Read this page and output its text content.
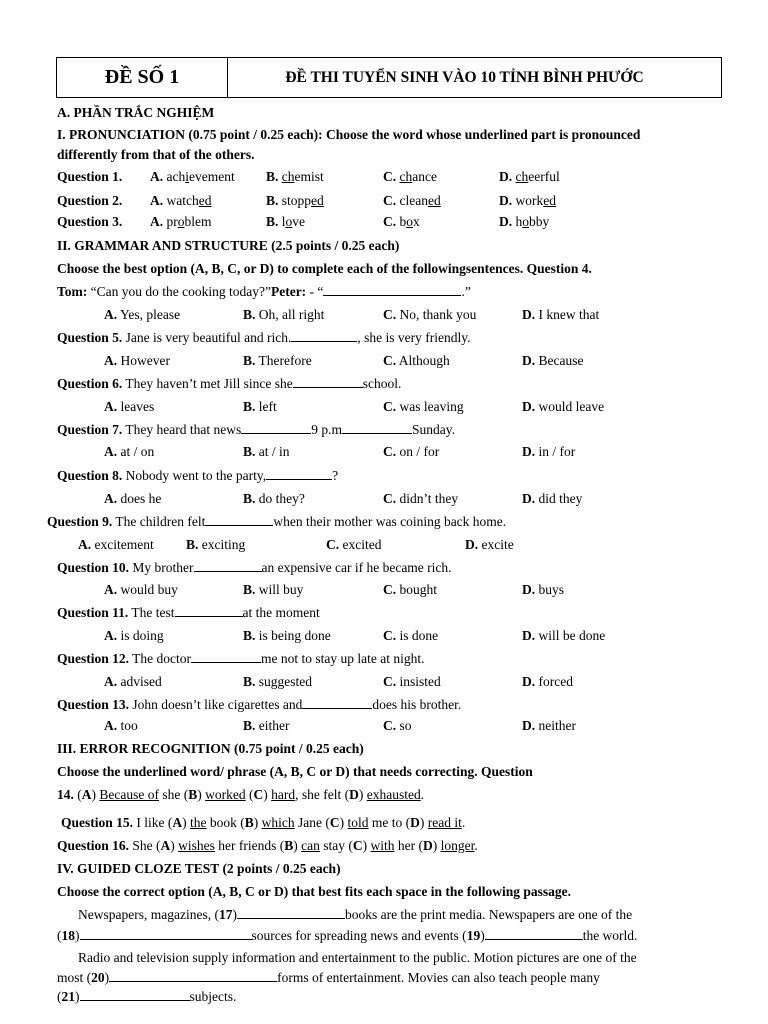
ĐỀ SỐ 1	ĐỀ THI TUYỂN SINH VÀO 10 TỈNH BÌNH PHƯỚC
A. PHẦN TRẮC NGHIỆM
I. PRONUNCIATION (0.75 point / 0.25 each): Choose the word whose underlined part is pronounced
differently from that of the others.
Question 1. A. achievement B. chemist	C. chance	D. cheerful
Question 2. A. watched	B. stopped	C. cleaned	D. worked
Question 3. A. problem	B. love	C. box	D. hobby
II. GRAMMAR AND STRUCTURE (2.5 points / 0.25 each)
Choose the best option (A, B, C, or D) to complete each of the followingsentences. Question 4.
Tom: “Can you do the cooking today?”Peter: - “	.”
A. Yes, please	B. Oh, all right	C. No, thank you	D. I knew that
Question 5. Jane is very beautiful and rich.	, she is very friendly.
A. However	B. Therefore	C. Although	D. Because
Question 6. They haven’t met Jill since she	school.
A. leaves	B. left	C. was leaving	D. would leave
Question 7. They heard that news	9 p.m	Sunday.
A. at / on	B. at / in	C. on / for	D. in / for
Question 8. Nobody went to the party,	?
A. does he	B. do they?	C. didn’t they	D. did they
Question 9. The children felt	when their mother was coining back home.
A. excitement B. exciting	C. excited	D. excite
Question 10. My brother	an expensive car if he became rich.
A. would buy	B. will buy	C. bought	D. buys
Question 11. The test	at the moment
A. is doing	B. is being done	C. is done	D. will be done
Question 12. The doctor	me not to stay up late at night.
A. advised	B. suggested	C. insisted	D. forced
Question 13. John doesn’t like cigarettes and	does his brother.
A. too	B. either	C. so	D. neither
III. ERROR RECOGNITION (0.75 point / 0.25 each)
Choose the underlined word/ phrase (A, B, C or D) that needs correcting. Question
14. (A) Because of she (B) worked (C) hard, she felt (D) exhausted.
Question 15. I like (A) the book (B) which Jane (C) told me to (D) read it.
Question 16. She (A) wishes her friends (B) can stay (C) with her (D) longer.
IV. GUIDED CLOZE TEST (2 points / 0.25 each)
Choose the correct option (A, B, C or D) that best fits each space in the following passage.
Newspapers, magazines, (17)	books are the print media. Newspapers are one of the
(18)	sources for spreading news and events (19)	the world.
Radio and television supply information and entertainment to the public. Motion pictures are one of the
most (20)	forms of entertainment. Movies can also teach people many
(21)	subjects.
